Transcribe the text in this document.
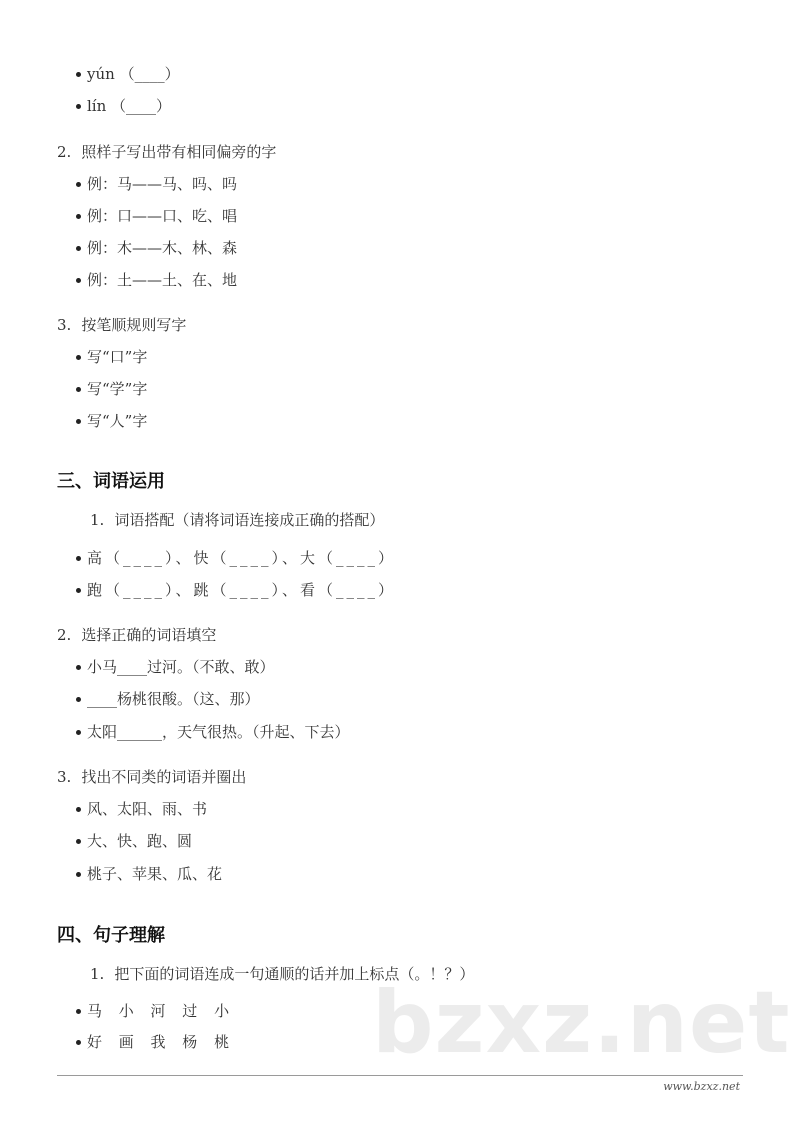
bzxz.net
yún （____）
lín （____）
2. 照样子写出带有相同偏旁的字
例：马——马、吗、吗
例：口——口、吃、唱
例：木——木、林、森
例：土——土、在、地
3. 按笔顺规则写字
写“口”字
写“学”字
写“人”字
三、词语运用
1. 词语搭配（请将词语连接成正确的搭配）
高（____）、快（____）、大（____）
跑（____）、跳（____）、看（____）
2. 选择正确的词语填空
小马____过河。（不敢、敢）
____杨桃很酸。（这、那）
太阳______，天气很热。（升起、下去）
3. 找出不同类的词语并圈出
风、太阳、雨、书
大、快、跑、圆
桃子、苹果、瓜、花
四、句子理解
1. 把下面的词语连成一句通顺的话并加上标点（。！？）
马 小 河 过 小
好 画 我 杨 桃
www.bzxz.net
